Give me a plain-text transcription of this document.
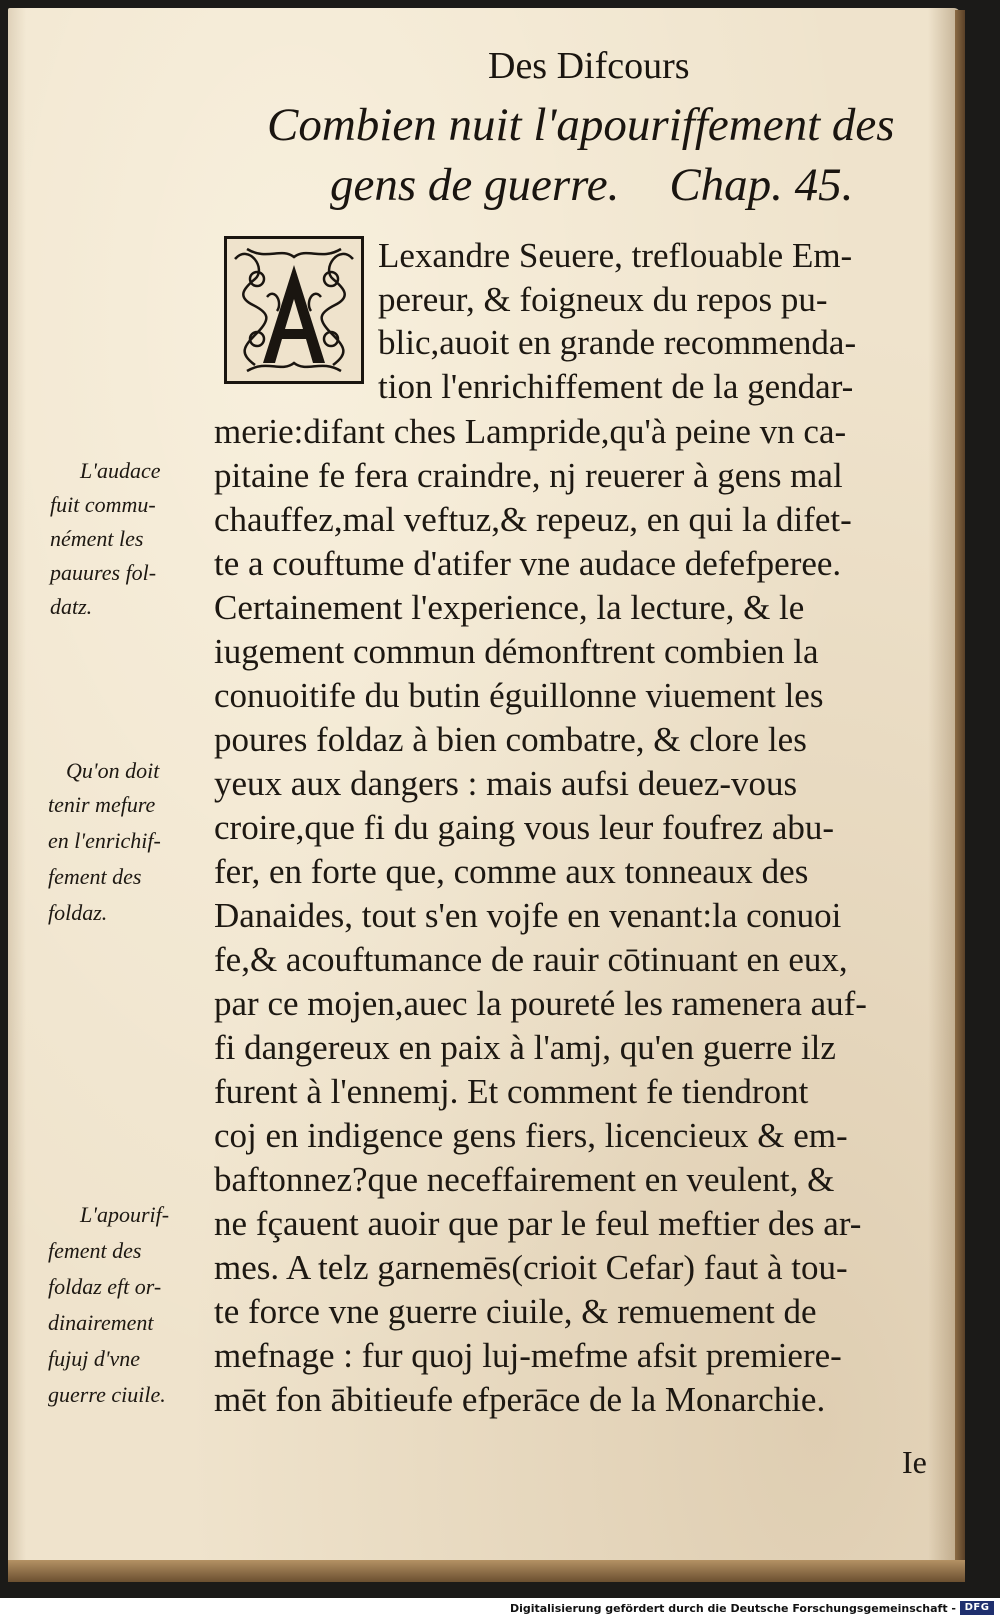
Des Difcours
Combien nuit l'apouriffement des
gens de guerre. Chap. 45.
Lexandre Seuere, treflouable Em-
pereur, & foigneux du repos pu-
blic,auoit en grande recommenda-
tion l'enrichiffement de la gendar-
merie:difant ches Lampride,qu'à peine vn ca-
pitaine fe fera craindre, nj reuerer à gens mal
chauffez,mal veftuz,& repeuz, en qui la difet-
te a couftume d'atifer vne audace defefperee.
Certainement l'experience, la lecture, & le
iugement commun démonftrent combien la
conuoitife du butin éguillonne viuement les
poures foldaz à bien combatre, & clore les
yeux aux dangers : mais aufsi deuez-vous
croire,que fi du gaing vous leur foufrez abu-
fer, en forte que, comme aux tonneaux des
Danaides, tout s'en vojfe en venant:la conuoi
fe,& acouftumance de rauir cōtinuant en eux,
par ce mojen,auec la poureté les ramenera auf-
fi dangereux en paix à l'amj, qu'en guerre ilz
furent à l'ennemj. Et comment fe tiendront
coj en indigence gens fiers, licencieux & em-
baftonnez?que neceffairement en veulent, &
ne fçauent auoir que par le feul meftier des ar-
mes. A telz garnemēs(crioit Cefar) faut à tou-
te force vne guerre ciuile, & remuement de
mefnage : fur quoj luj-mefme afsit premiere-
mēt fon ābitieufe efperāce de la Monarchie.
Ie
L'audace
fuit commu-
nément les
pauures fol-
datz.
Qu'on doit
tenir mefure
en l'enrichif-
fement des
foldaz.
L'apourif-
fement des
foldaz eft or-
dinairement
fujuj d'vne
guerre ciuile.
Digitalisierung gefördert durch die Deutsche Forschungsgemeinschaft - DFG
